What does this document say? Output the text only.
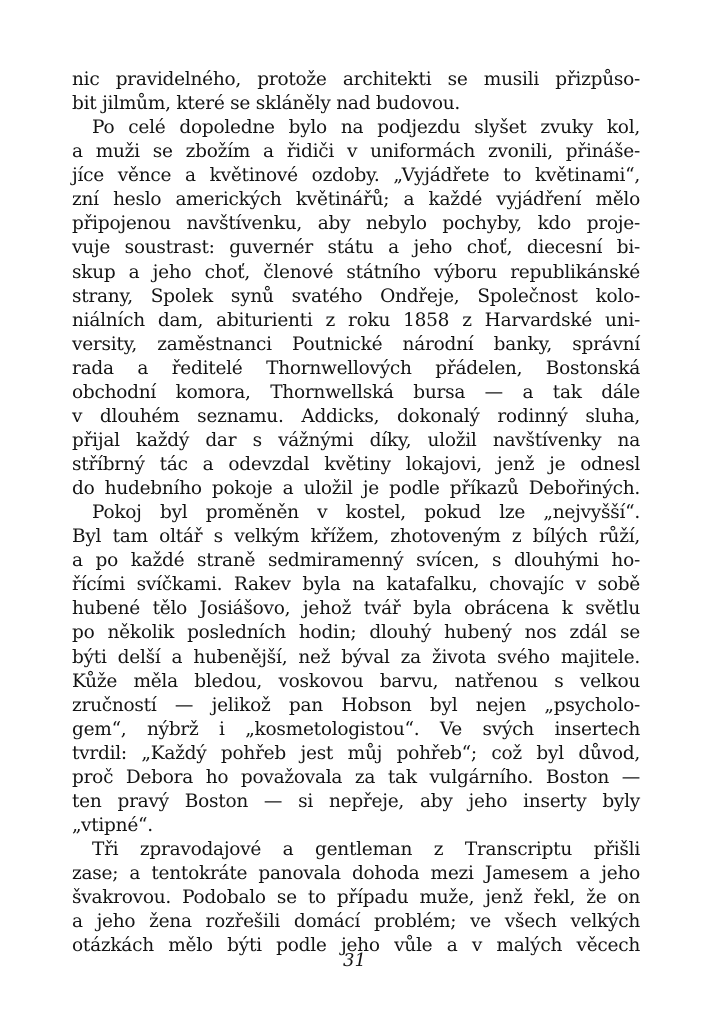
nic pravidelného, protože architekti se musili přizpůso-
bit jilmům, které se skláněly nad budovou.
Po celé dopoledne bylo na podjezdu slyšet zvuky kol,
a muži se zbožím a řidiči v uniformách zvonili, přináše-
jíce věnce a květinové ozdoby. „Vyjádřete to květinami“,
zní heslo amerických květinářů; a každé vyjádření mělo
připojenou navštívenku, aby nebylo pochyby, kdo proje-
vuje soustrast: guvernér státu a jeho choť, diecesní bi-
skup a jeho choť, členové státního výboru republikánské
strany, Spolek synů svatého Ondřeje, Společnost kolo-
niálních dam, abiturienti z roku 1858 z Harvardské uni-
versity, zaměstnanci Poutnické národní banky, správní
rada a ředitelé Thornwellových přádelen, Bostonská
obchodní komora, Thornwellská bursa — a tak dále
v dlouhém seznamu. Addicks, dokonalý rodinný sluha,
přijal každý dar s vážnými díky, uložil navštívenky na
stříbrný tác a odevzdal květiny lokajovi, jenž je odnesl
do hudebního pokoje a uložil je podle příkazů Debořiných.
Pokoj byl proměněn v kostel, pokud lze „nejvyšší“.
Byl tam oltář s velkým křížem, zhotoveným z bílých růží,
a po každé straně sedmiramenný svícen, s dlouhými ho-
řícími svíčkami. Rakev byla na katafalku, chovajíc v sobě
hubené tělo Josiášovo, jehož tvář byla obrácena k světlu
po několik posledních hodin; dlouhý hubený nos zdál se
býti delší a hubenější, než býval za života svého majitele.
Kůže měla bledou, voskovou barvu, natřenou s velkou
zručností — jelikož pan Hobson byl nejen „psycholo-
gem“, nýbrž i „kosmetologistou“. Ve svých insertech
tvrdil: „Každý pohřeb jest můj pohřeb“; což byl důvod,
proč Debora ho považovala za tak vulgárního. Boston —
ten pravý Boston — si nepřeje, aby jeho inserty byly
„vtipné“.
Tři zpravodajové a gentleman z Transcriptu přišli
zase; a tentokráte panovala dohoda mezi Jamesem a jeho
švakrovou. Podobalo se to případu muže, jenž řekl, že on
a jeho žena rozřešili domácí problém; ve všech velkých
otázkách mělo býti podle jeho vůle a v malých věcech
31
